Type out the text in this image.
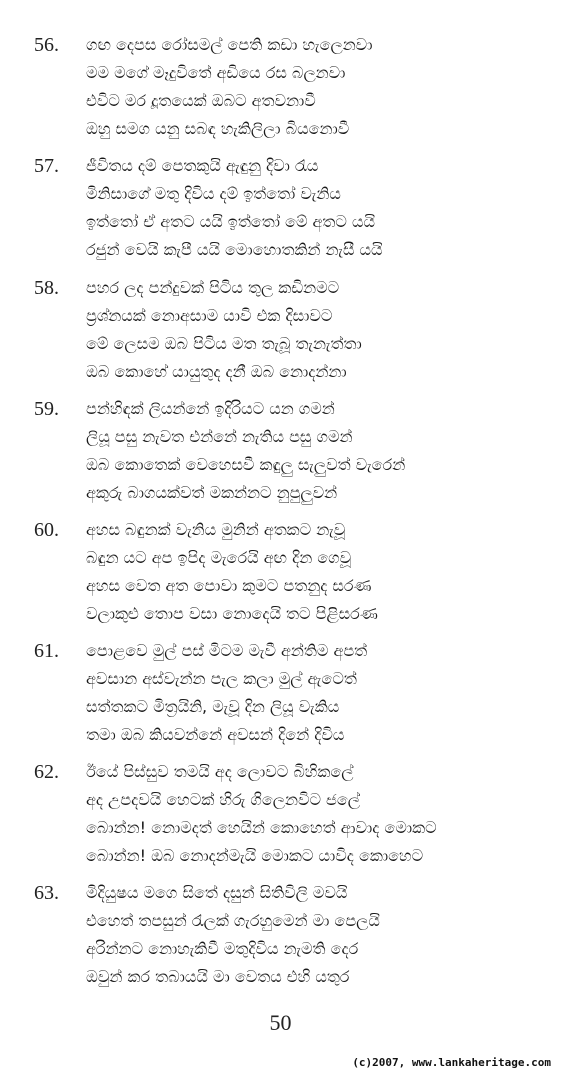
56. ගඟ දෙපස රෝසමල් පෙති කඩා හැලෙනවා
මම මගේ මෑදුවිතේ අඩියෙ රස බලනවා
එවිට මර දූතයෙක් ඔබට අතවනාවී
ඔහු සමග යනු සබඳ හැකිලිලා බියනොවී
57. ජීවිතය දම් පෙතකුයි ඇඳුනු දිවා රැය
මිනිසාගේ මතු දිවිය දම් ඉත්තෝ වැනිය
ඉත්තෝ ඒ අතට යයි ඉත්තෝ මේ අතට යයි
රජුන් වෙයි කැපී යයි මොහොතකින් නැසී යයි
58. පහර ලද පන්දුවක් පිටිය තුල කඩිනමට
ප්‍රශ්නයක් නොඅසාම යාවි එක දිසාවට
මේ ලෙසම ඔබ පිටිය මත තැබූ තැනැත්තා
ඔබ කොහේ යායුතුද දනී ඔබ නොදන්නා
59. පන්හිඳක් ලියන්නේ ඉදිරියට යන ගමන්
ලියූ පසු නැවත එන්නේ නැතිය පසු ගමන්
ඔබ කොතෙක් වෙහෙසවී කඳුලු සැලුවත් වැරෙන්
අකුරු බාගයක්වත් මකන්නට නුපුලුවන්
60. අහස බඳුනක් වැනිය මුනින් අතකට නැවූ
බඳුන යට අප ඉපිද මැරෙයි අඟ දින ගෙවූ
අහස වෙත අත පොවා කුමට පතනුද සරණ
වලාකුළු තොප වසා නොදෙයි තට පිළිසරණ
61. පොළවෙ මුල් පස් මිටම මැවී අන්තිම අපත්
අවසාන අස්වැන්න පැල කලා මුල් ඇටෙත්
සත්තකට මිත්‍රයිනි, මැවූ දින ලියූ වැකිය
තමා ඔබ කියවන්නේ අවසන් දිනේ දිවිය
62. ඊයේ පිස්සුව තමයි අද ලොවට බිහිකලේ
අද උපදවයි හෙටක් හිරු ගිලෙනවිට ජලේ
බොන්න! නොමදත් හෙයින් කොහෙත් ආවාද මොකට
බොන්න! ඔබ නොදන්මැයි මොකට යාවිද කොහෙට
63. මිදියුෂය මගෙ සිතේ දසුන් සිතිවිලි මවයි
එහෙත් තපසුන් රැලක් ගැරහුමෙන් මා පෙලයි
අරින්නට නොහැකිවී මතුදිවිය නැමති දෙර
ඔවුන් කර තබායයි මා වෙතය එහි යතුර
50
(c)2007, www.lankaheritage.com
